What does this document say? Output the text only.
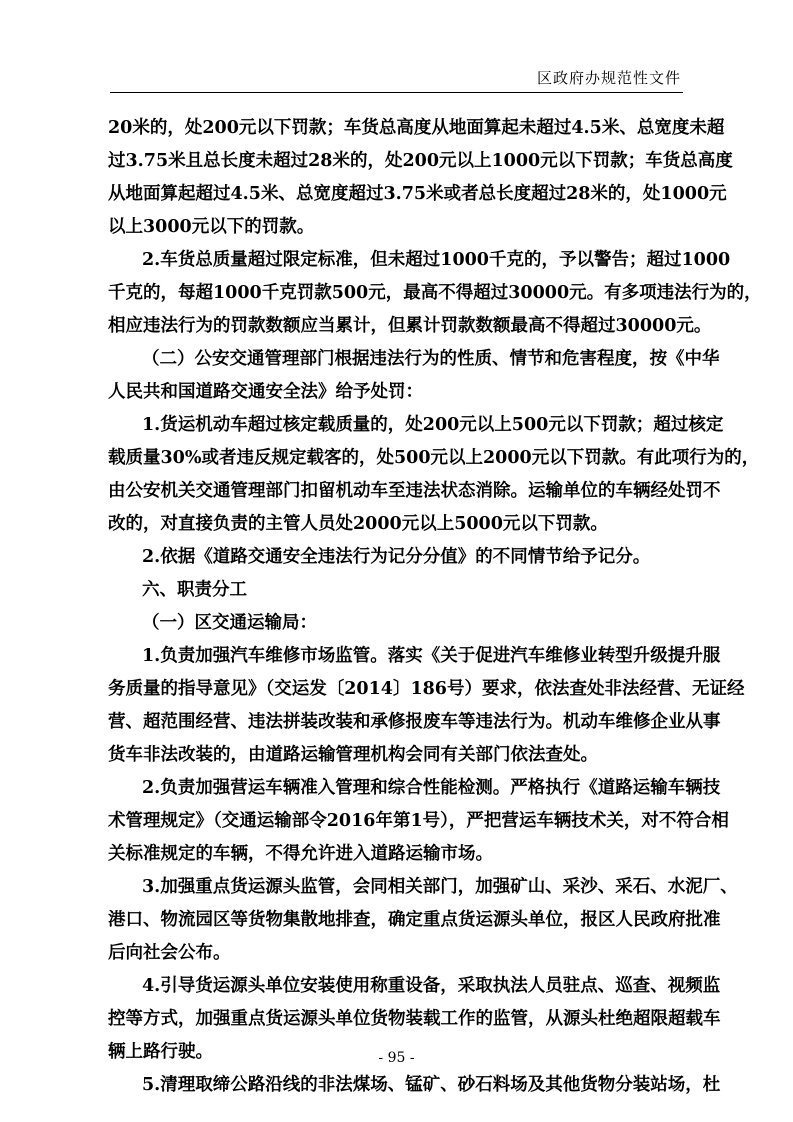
区政府办规范性文件
20米的，处200元以下罚款；车货总高度从地面算起未超过4.5米、总宽度未超
过3.75米且总长度未超过28米的，处200元以上1000元以下罚款；车货总高度
从地面算起超过4.5米、总宽度超过3.75米或者总长度超过28米的，处1000元
以上3000元以下的罚款。
2.车货总质量超过限定标准，但未超过1000千克的，予以警告；超过1000
千克的，每超1000千克罚款500元，最高不得超过30000元。有多项违法行为的，
相应违法行为的罚款数额应当累计，但累计罚款数额最高不得超过30000元。
（二）公安交通管理部门根据违法行为的性质、情节和危害程度，按《中华
人民共和国道路交通安全法》给予处罚：
1.货运机动车超过核定载质量的，处200元以上500元以下罚款；超过核定
载质量30%或者违反规定载客的，处500元以上2000元以下罚款。有此项行为的，
由公安机关交通管理部门扣留机动车至违法状态消除。运输单位的车辆经处罚不
改的，对直接负责的主管人员处2000元以上5000元以下罚款。
2.依据《道路交通安全违法行为记分分值》的不同情节给予记分。
六、职责分工
（一）区交通运输局：
1.负责加强汽车维修市场监管。落实《关于促进汽车维修业转型升级提升服
务质量的指导意见》（交运发〔2014〕186号）要求，依法查处非法经营、无证经
营、超范围经营、违法拼装改装和承修报废车等违法行为。机动车维修企业从事
货车非法改装的，由道路运输管理机构会同有关部门依法查处。
2.负责加强营运车辆准入管理和综合性能检测。严格执行《道路运输车辆技
术管理规定》（交通运输部令2016年第1号），严把营运车辆技术关，对不符合相
关标准规定的车辆，不得允许进入道路运输市场。
3.加强重点货运源头监管，会同相关部门，加强矿山、采沙、采石、水泥厂、
港口、物流园区等货物集散地排查，确定重点货运源头单位，报区人民政府批准
后向社会公布。
4.引导货运源头单位安装使用称重设备，采取执法人员驻点、巡查、视频监
控等方式，加强重点货运源头单位货物装载工作的监管，从源头杜绝超限超载车
辆上路行驶。
5.清理取缔公路沿线的非法煤场、锰矿、砂石料场及其他货物分装站场，杜
- 95 -
